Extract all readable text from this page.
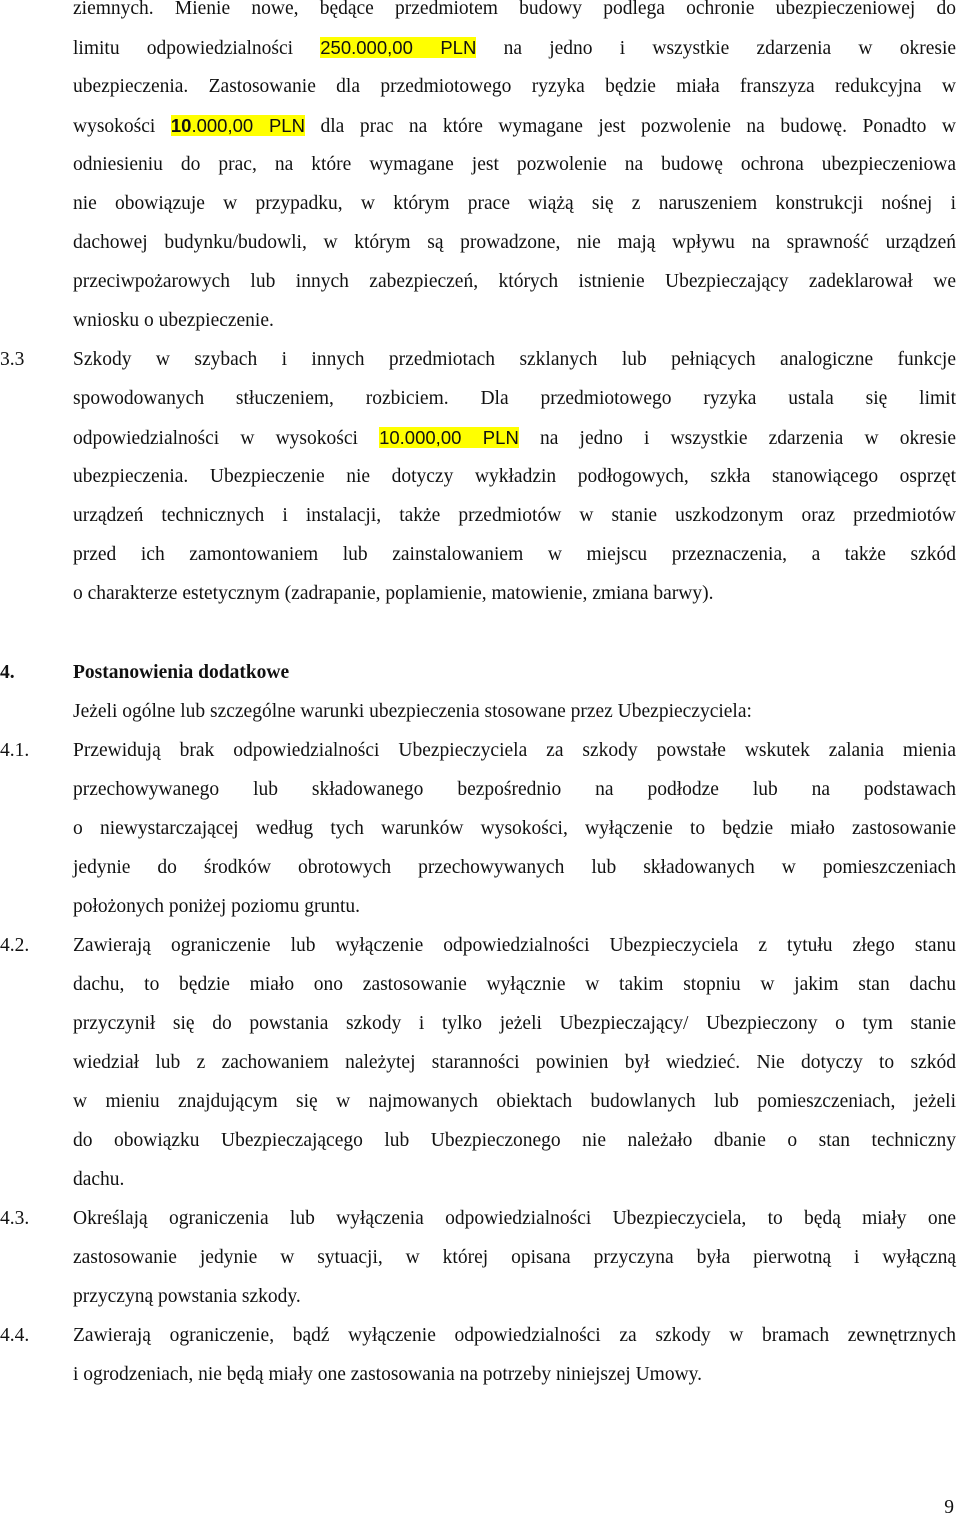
ziemnych. Mienie nowe, będące przedmiotem budowy podlega ochronie ubezpieczeniowej do
limitu odpowiedzialności 250.000,00 PLN na jedno i wszystkie zdarzenia w okresie
ubezpieczenia. Zastosowanie dla przedmiotowego ryzyka będzie miała franszyza redukcyjna w
wysokości 10.000,00 PLN dla prac na które wymagane jest pozwolenie na budowę. Ponadto w
odniesieniu do prac, na które wymagane jest pozwolenie na budowę ochrona ubezpieczeniowa
nie obowiązuje w przypadku, w którym prace wiążą się z naruszeniem konstrukcji nośnej i
dachowej budynku/budowli, w którym są prowadzone, nie mają wpływu na sprawność urządzeń
przeciwpożarowych lub innych zabezpieczeń, których istnienie Ubezpieczający zadeklarował we
wniosku o ubezpieczenie.
3.3 Szkody w szybach i innych przedmiotach szklanych lub pełniących analogiczne funkcje
spowodowanych stłuczeniem, rozbiciem. Dla przedmiotowego ryzyka ustala się limit
odpowiedzialności w wysokości 10.000,00 PLN na jedno i wszystkie zdarzenia w okresie
ubezpieczenia. Ubezpieczenie nie dotyczy wykładzin podłogowych, szkła stanowiącego osprzęt
urządzeń technicznych i instalacji, także przedmiotów w stanie uszkodzonym oraz przedmiotów
przed ich zamontowaniem lub zainstalowaniem w miejscu przeznaczenia, a także szkód
o charakterze estetycznym (zadrapanie, poplamienie, matowienie, zmiana barwy).
4.	Postanowienia dodatkowe
Jeżeli ogólne lub szczególne warunki ubezpieczenia stosowane przez Ubezpieczyciela:
4.1. Przewidują brak odpowiedzialności Ubezpieczyciela za szkody powstałe wskutek zalania mienia
przechowywanego lub składowanego bezpośrednio na podłodze lub na podstawach
o niewystarczającej według tych warunków wysokości, wyłączenie to będzie miało zastosowanie
jedynie do środków obrotowych przechowywanych lub składowanych w pomieszczeniach
położonych poniżej poziomu gruntu.
4.2. Zawierają ograniczenie lub wyłączenie odpowiedzialności Ubezpieczyciela z tytułu złego stanu
dachu, to będzie miało ono zastosowanie wyłącznie w takim stopniu w jakim stan dachu
przyczynił się do powstania szkody i tylko jeżeli Ubezpieczający/ Ubezpieczony o tym stanie
wiedział lub z zachowaniem należytej staranności powinien był wiedzieć. Nie dotyczy to szkód
w mieniu znajdującym się w najmowanych obiektach budowlanych lub pomieszczeniach, jeżeli
do obowiązku Ubezpieczającego lub Ubezpieczonego nie należało dbanie o stan techniczny
dachu.
4.3. Określają ograniczenia lub wyłączenia odpowiedzialności Ubezpieczyciela, to będą miały one
zastosowanie jedynie w sytuacji, w której opisana przyczyna była pierwotną i wyłączną
przyczyną powstania szkody.
4.4. Zawierają ograniczenie, bądź wyłączenie odpowiedzialności za szkody w bramach zewnętrznych
i ogrodzeniach, nie będą miały one zastosowania na potrzeby niniejszej Umowy.
9
